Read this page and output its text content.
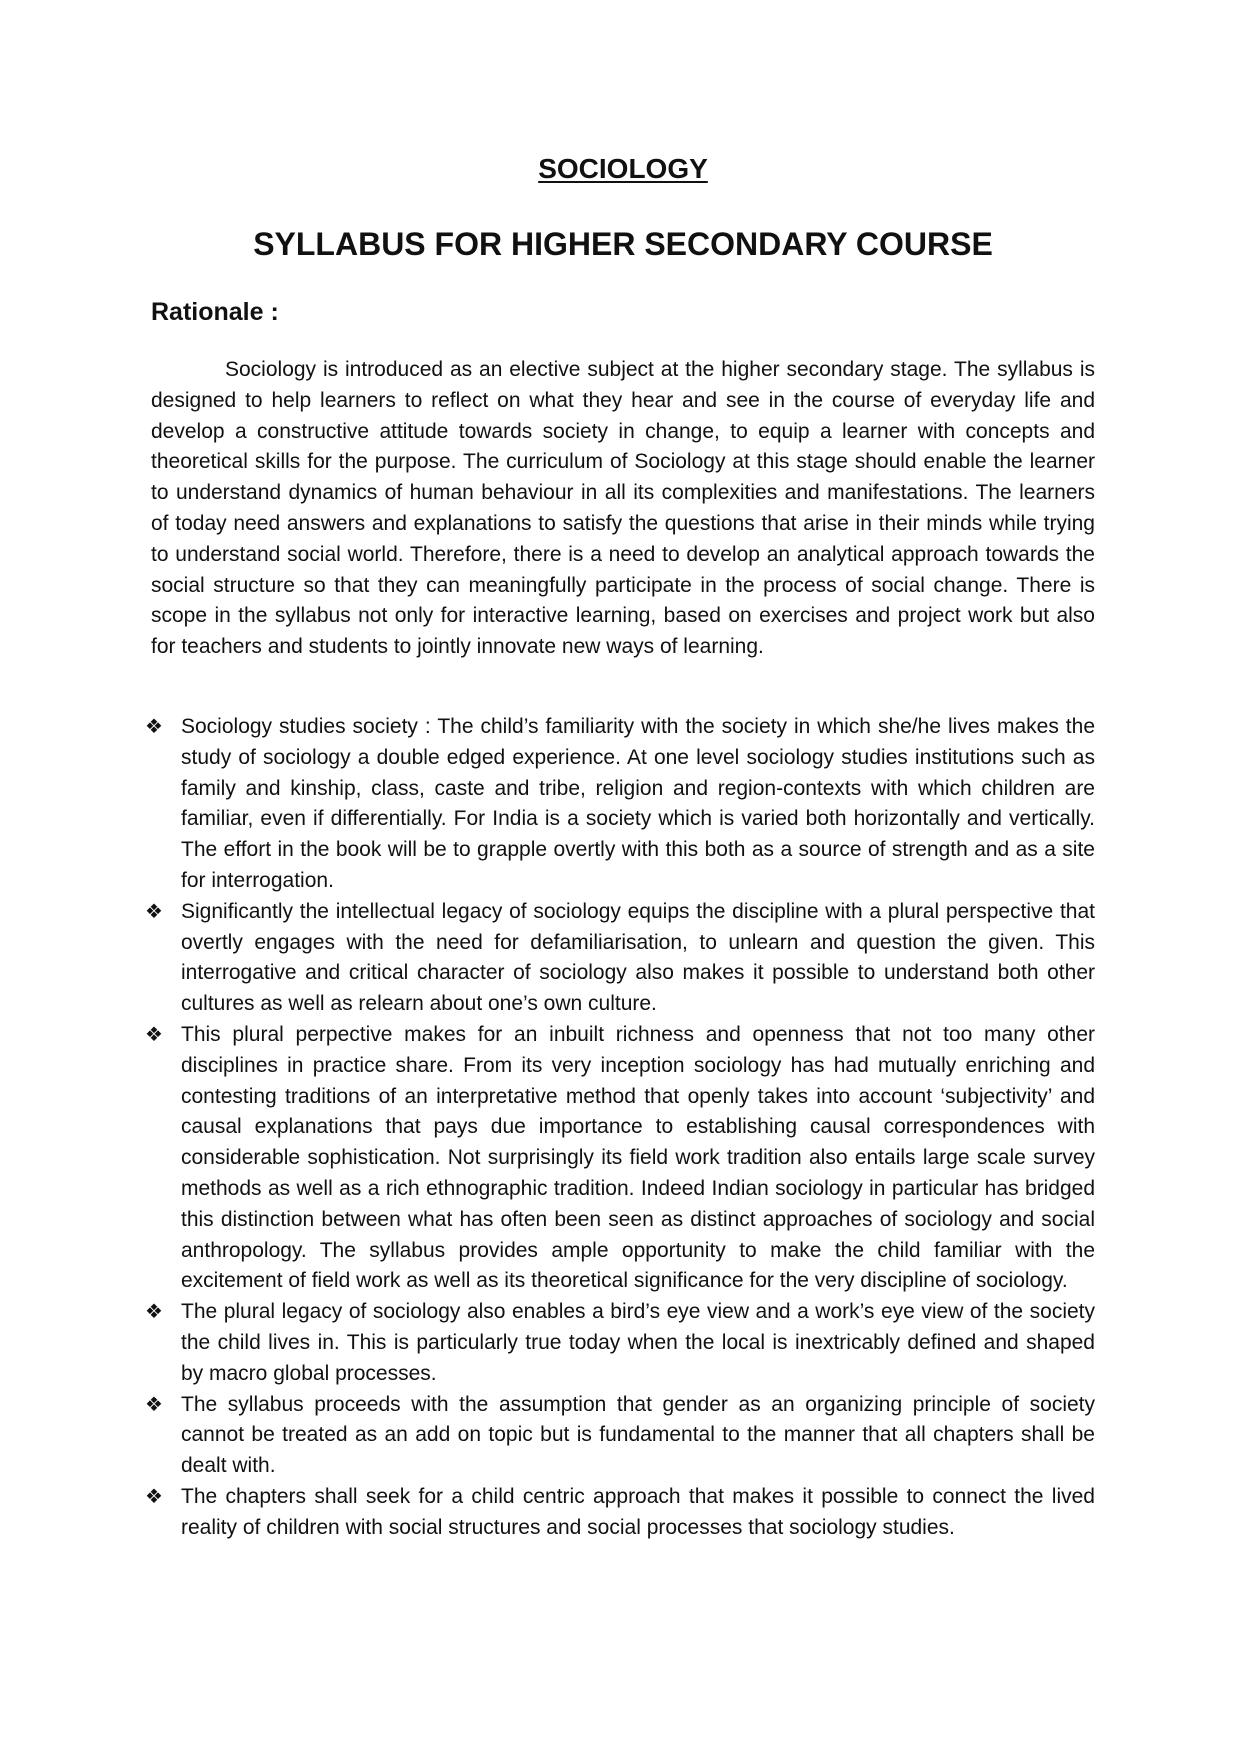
SOCIOLOGY
SYLLABUS FOR HIGHER SECONDARY COURSE
Rationale :

Sociology is introduced as an elective subject at the higher secondary stage. The syllabus is designed to help learners to reflect on what they hear and see in the course of everyday life and develop a constructive attitude towards society in change, to equip a learner with concepts and theoretical skills for the purpose. The curriculum of Sociology at this stage should enable the learner to understand dynamics of human behaviour in all its complexities and manifestations. The learners of today need answers and explanations to satisfy the questions that arise in their minds while trying to understand social world. Therefore, there is a need to develop an analytical approach towards the social structure so that they can meaningfully participate in the process of social change. There is scope in the syllabus not only for interactive learning, based on exercises and project work but also for teachers and students to jointly innovate new ways of learning.

❖ Sociology studies society : The child’s familiarity with the society in which she/he lives makes the study of sociology a double edged experience. At one level sociology studies institutions such as family and kinship, class, caste and tribe, religion and region-contexts with which children are familiar, even if differentially. For India is a society which is varied both horizontally and vertically. The effort in the book will be to grapple overtly with this both as a source of strength and as a site for interrogation.
❖ Significantly the intellectual legacy of sociology equips the discipline with a plural perspective that overtly engages with the need for defamiliarisation, to unlearn and question the given. This interrogative and critical character of sociology also makes it possible to understand both other cultures as well as relearn about one’s own culture.
❖ This plural perpective makes for an inbuilt richness and openness that not too many other disciplines in practice share. From its very inception sociology has had mutually enriching and contesting traditions of an interpretative method that openly takes into account ‘subjectivity’ and causal explanations that pays due importance to establishing causal correspondences with considerable sophistication. Not surprisingly its field work tradition also entails large scale survey methods as well as a rich ethnographic tradition. Indeed Indian sociology in particular has bridged this distinction between what has often been seen as distinct approaches of sociology and social anthropology. The syllabus provides ample opportunity to make the child familiar with the excitement of field work as well as its theoretical significance for the very discipline of sociology.
❖ The plural legacy of sociology also enables a bird’s eye view and a work’s eye view of the society the child lives in. This is particularly true today when the local is inextricably defined and shaped by macro global processes.
❖ The syllabus proceeds with the assumption that gender as an organizing principle of society cannot be treated as an add on topic but is fundamental to the manner that all chapters shall be dealt with.
❖ The chapters shall seek for a child centric approach that makes it possible to connect the lived reality of children with social structures and social processes that sociology studies.
